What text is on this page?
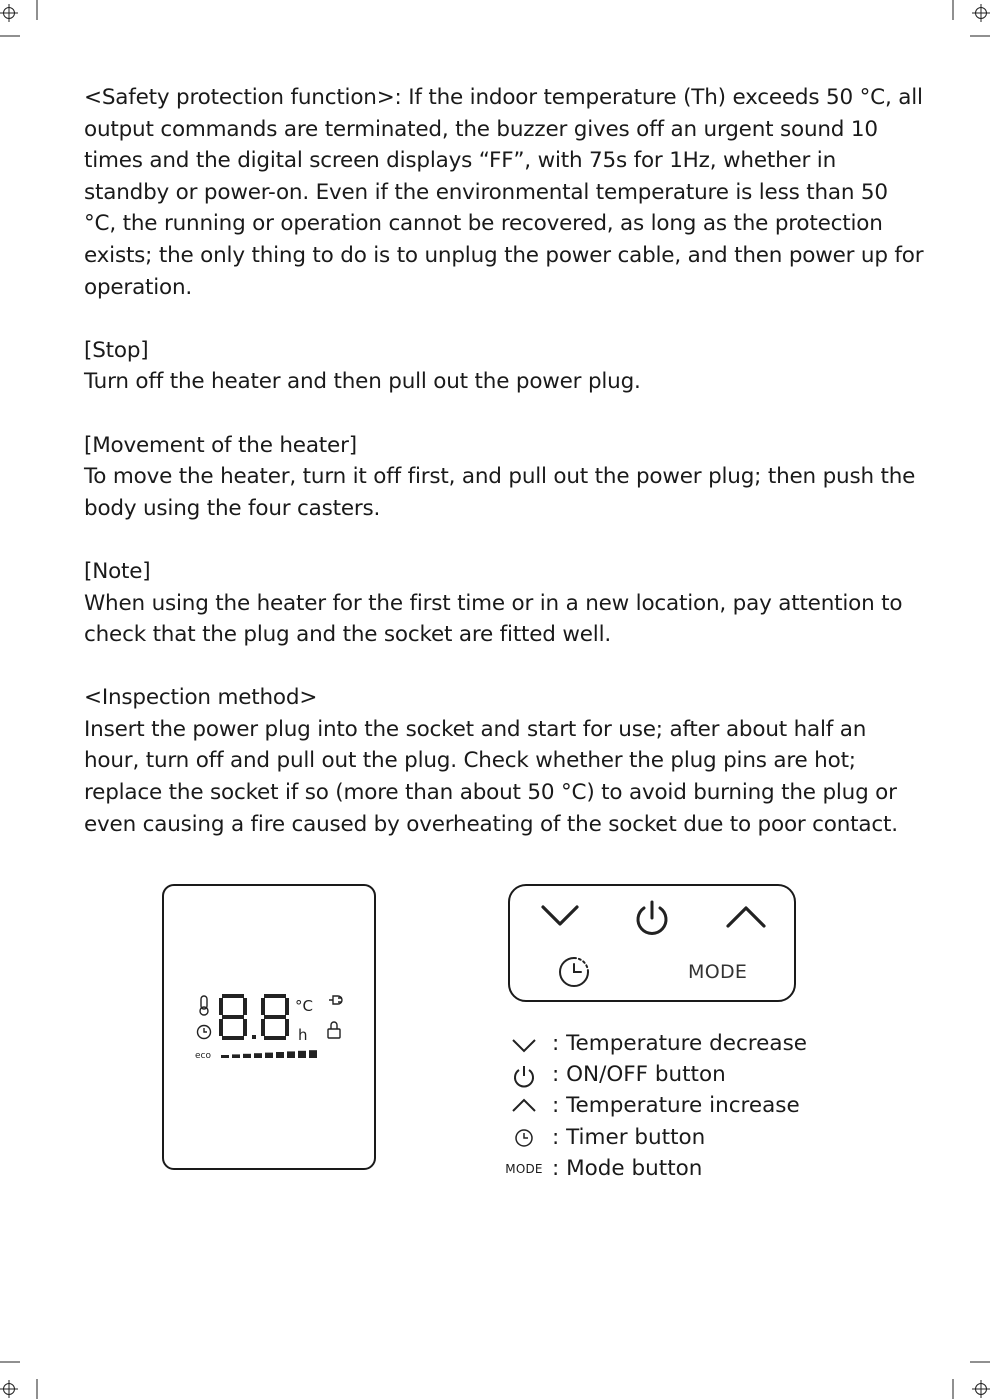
<Safety protection function>: If the indoor temperature (Th) exceeds 50 °C, all output commands are terminated, the buzzer gives off an urgent sound 10 times and the digital screen displays “FF”, with 75s for 1Hz, whether in standby or power-on. Even if the environmental temperature is less than 50 °C, the running or operation cannot be recovered, as long as the protection exists; the only thing to do is to unplug the power cable, and then power up for operation.

[Stop]
Turn off the heater and then pull out the power plug.

[Movement of the heater]
To move the heater, turn it off first, and pull out the power plug; then push the body using the four casters.

[Note]
When using the heater for the first time or in a new location, pay attention to check that the plug and the socket are fitted well.

<Inspection method>
Insert the power plug into the socket and start for use; after about half an hour, turn off and pull out the plug. Check whether the plug pins are hot; replace the socket if so (more than about 50 °C) to avoid burning the plug or even causing a fire caused by overheating of the socket due to poor contact.

eco
°C
h
MODE
: Temperature decrease
: ON/OFF button
: Temperature increase
: Timer button
MODE : Mode button
